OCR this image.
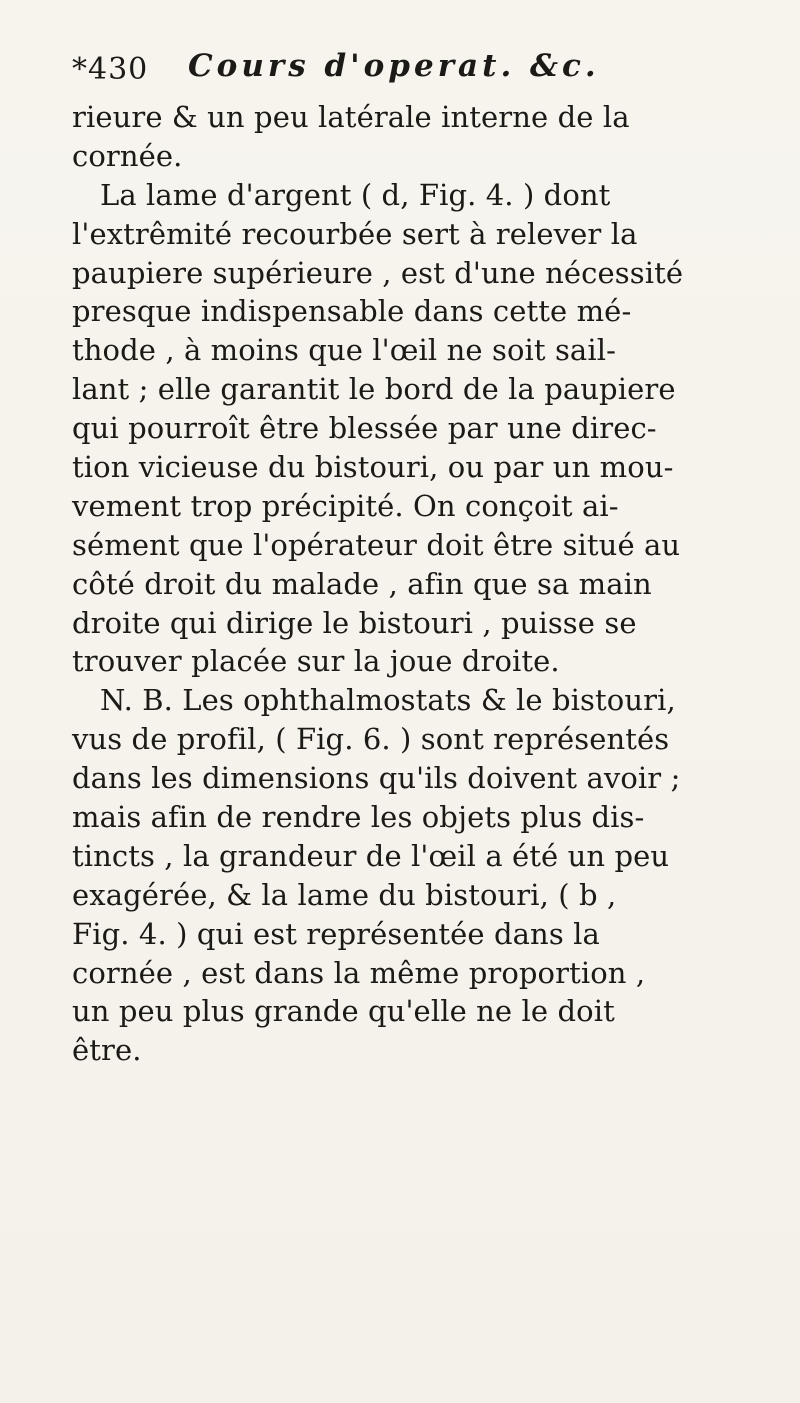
*430 Cours d'operat. &c.
rieure & un peu latérale interne de la
cornée.
La lame d'argent ( d, Fig. 4. ) dont
l'extrêmité recourbée sert à relever la
paupiere supérieure , est d'une nécessité
presque indispensable dans cette mé-
thode , à moins que l'œil ne soit sail-
lant ; elle garantit le bord de la paupiere
qui pourroît être blessée par une direc-
tion vicieuse du bistouri, ou par un mou-
vement trop précipité. On conçoit ai-
sément que l'opérateur doit être situé au
côté droit du malade , afin que sa main
droite qui dirige le bistouri , puisse se
trouver placée sur la joue droite.
N. B. Les ophthalmostats & le bistouri,
vus de profil, ( Fig. 6. ) sont représentés
dans les dimensions qu'ils doivent avoir ;
mais afin de rendre les objets plus dis-
tincts , la grandeur de l'œil a été un peu
exagérée, & la lame du bistouri, ( b ,
Fig. 4. ) qui est représentée dans la
cornée , est dans la même proportion ,
un peu plus grande qu'elle ne le doit
être.
